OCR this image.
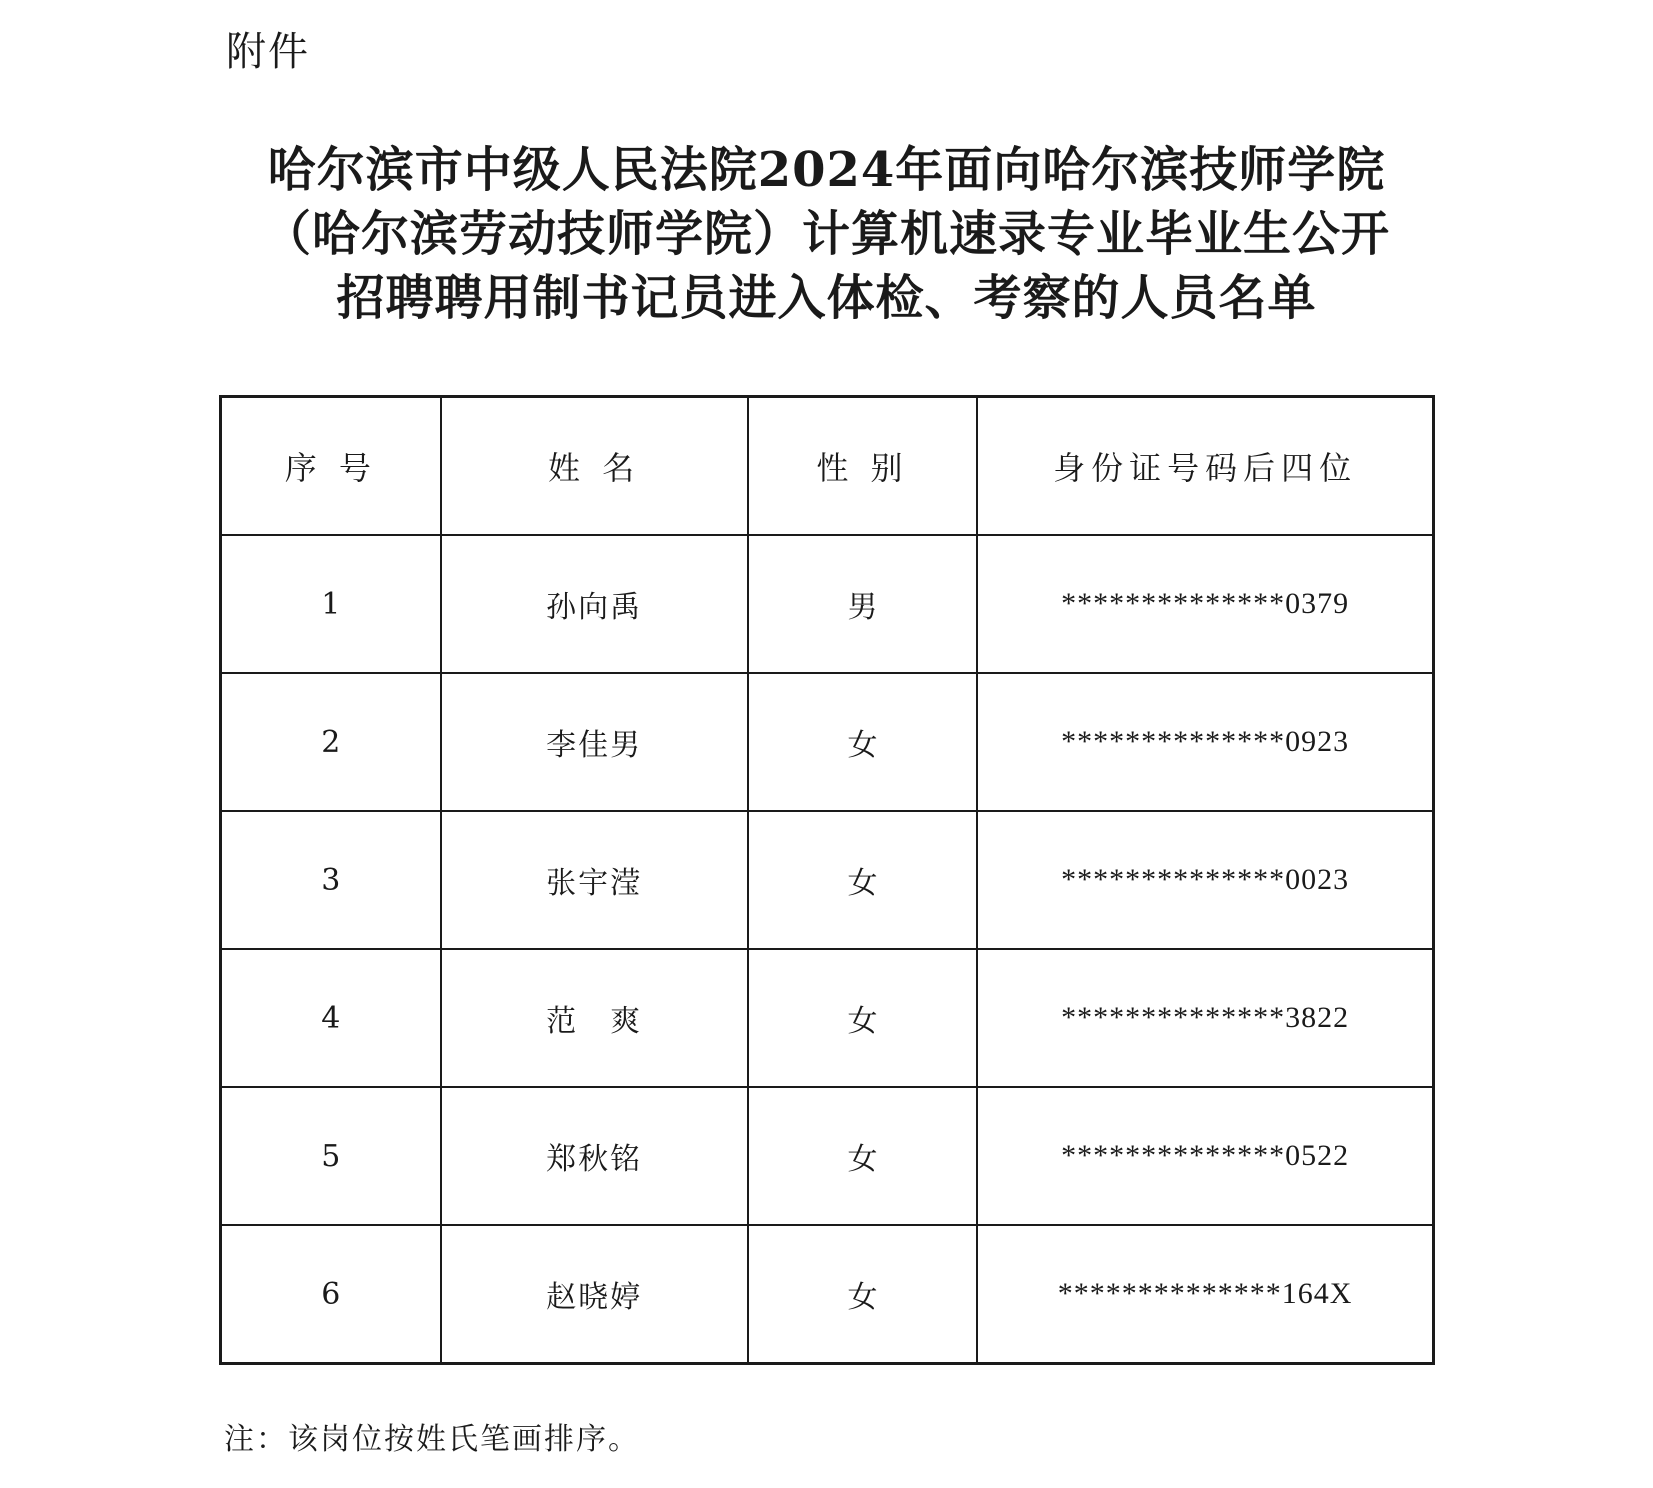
附件
哈尔滨市中级人民法院2024年面向哈尔滨技师学院
（哈尔滨劳动技师学院）计算机速录专业毕业生公开
招聘聘用制书记员进入体检、考察的人员名单
序 号	姓 名	性 别	身份证号码后四位
1	孙向禹	男	**************0379
2	李佳男	女	**************0923
3	张宇滢	女	**************0023
4	范　爽	女	**************3822
5	郑秋铭	女	**************0522
6	赵晓婷	女	**************164X
注：该岗位按姓氏笔画排序。
